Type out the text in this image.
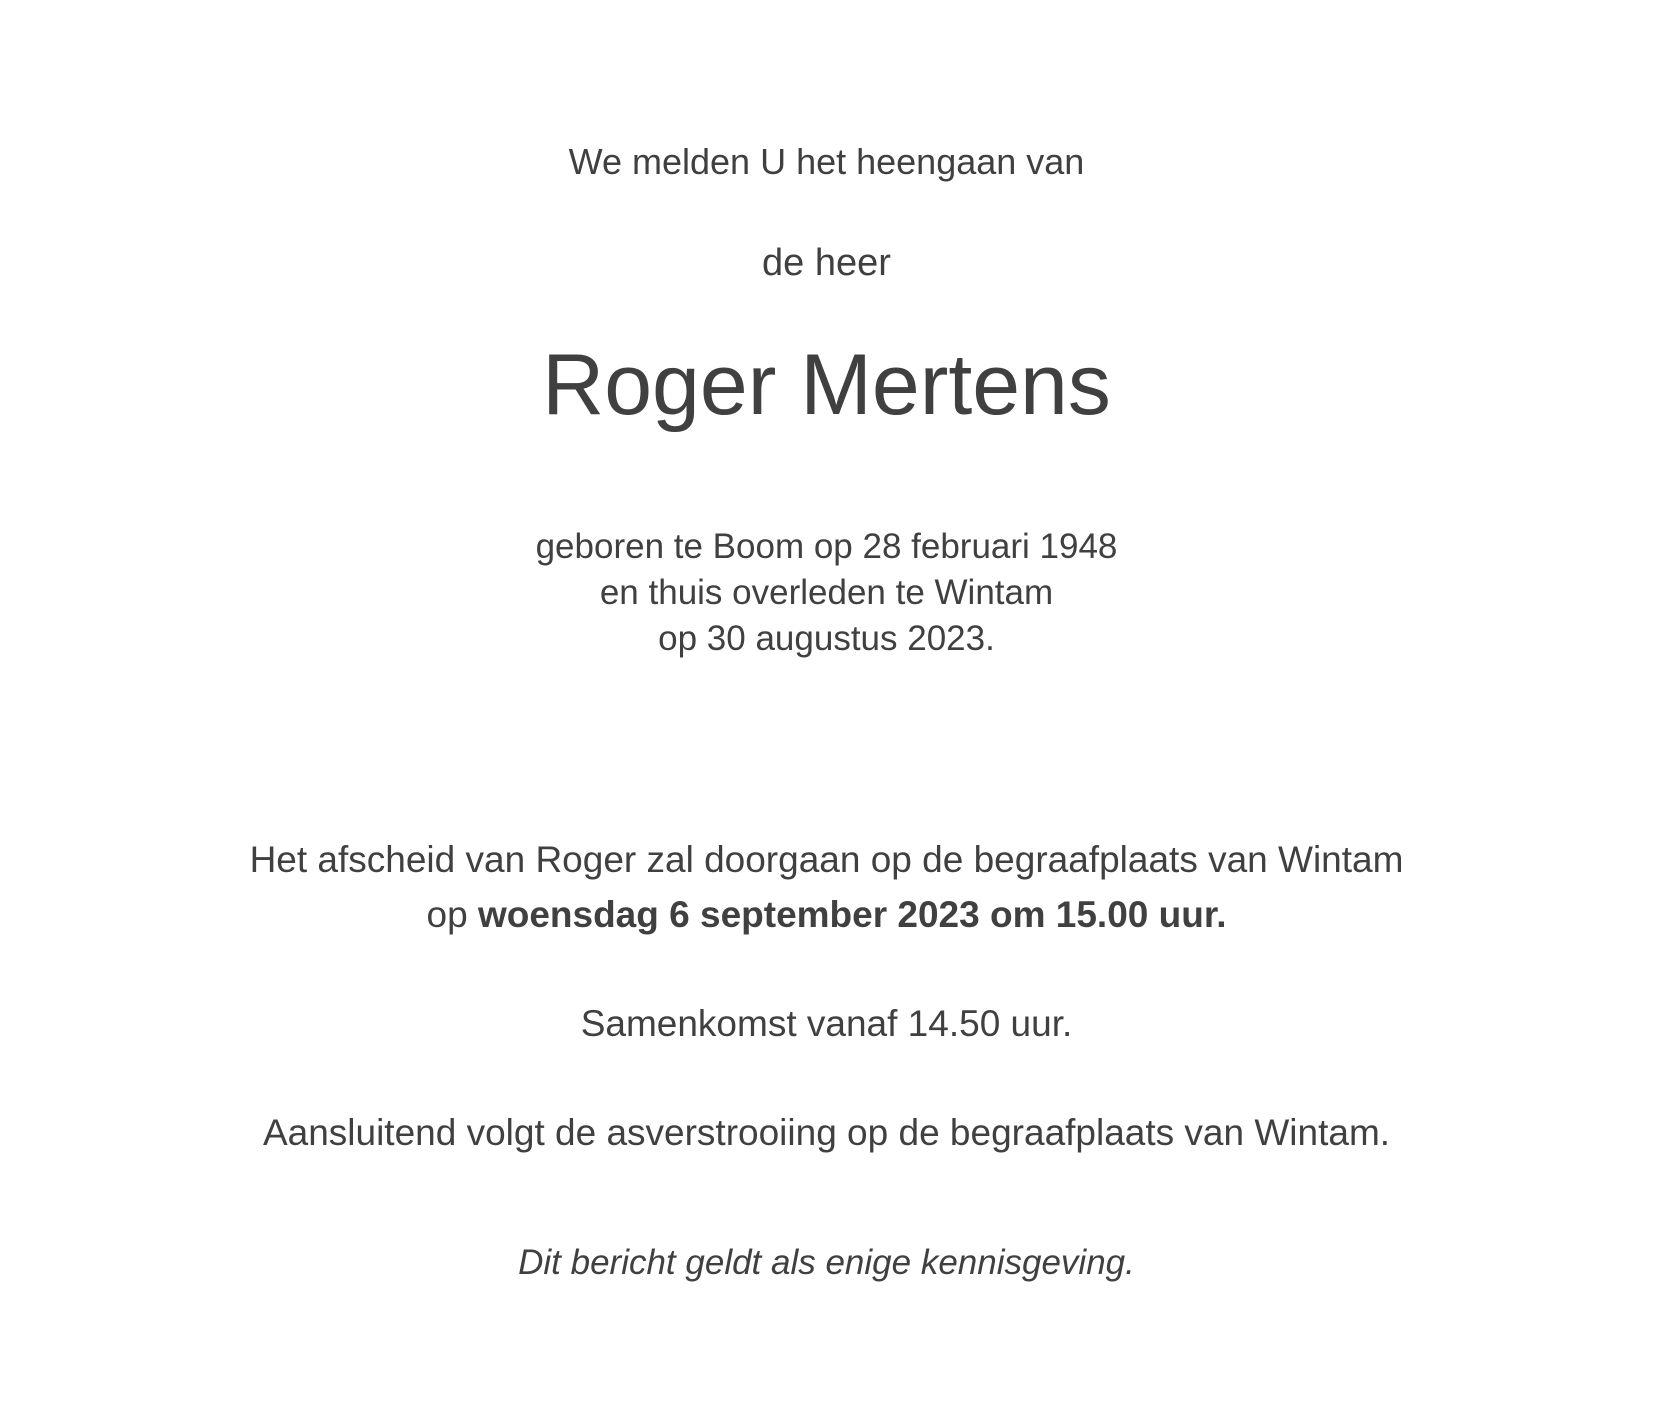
We melden U het heengaan van
de heer
Roger Mertens
geboren te Boom op 28 februari 1948
en thuis overleden te Wintam
op 30 augustus 2023.
Het afscheid van Roger zal doorgaan op de begraafplaats van Wintam
op woensdag 6 september 2023 om 15.00 uur.
Samenkomst vanaf 14.50 uur.
Aansluitend volgt de asverstrooiing op de begraafplaats van Wintam.
Dit bericht geldt als enige kennisgeving.
